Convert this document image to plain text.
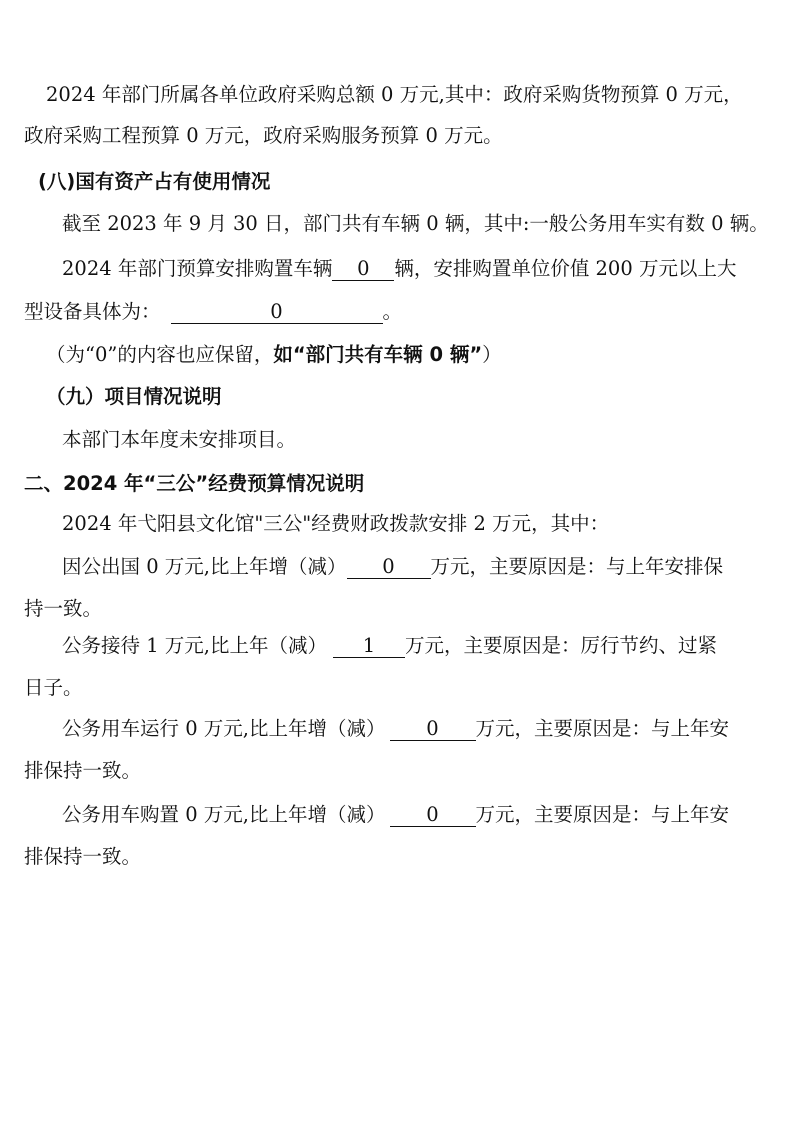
2024 年部门所属各单位政府采购总额 0 万元,其中：政府采购货物预算 0 万元，
政府采购工程预算 0 万元，政府采购服务预算 0 万元。
(八)国有资产占有使用情况
截至 2023 年 9 月 30 日，部门共有车辆 0 辆，其中:一般公务用车实有数 0 辆。
2024 年部门预算安排购置车辆 0 辆，安排购置单位价值 200 万元以上大
型设备具体为：	0	。
（为“0”的内容也应保留，如“部门共有车辆 0 辆”）
（九）项目情况说明
本部门本年度未安排项目。
二、2024 年“三公”经费预算情况说明
2024 年弋阳县文化馆"三公"经费财政拨款安排 2 万元，其中：
因公出国 0 万元,比上年增（减） 0 万元，主要原因是：与上年安排保
持一致。
公务接待 1 万元,比上年（减） 1 万元，主要原因是：厉行节约、过紧
日子。
公务用车运行 0 万元,比上年增（减） 0 万元，主要原因是：与上年安
排保持一致。
公务用车购置 0 万元,比上年增（减） 0 万元，主要原因是：与上年安
排保持一致。
